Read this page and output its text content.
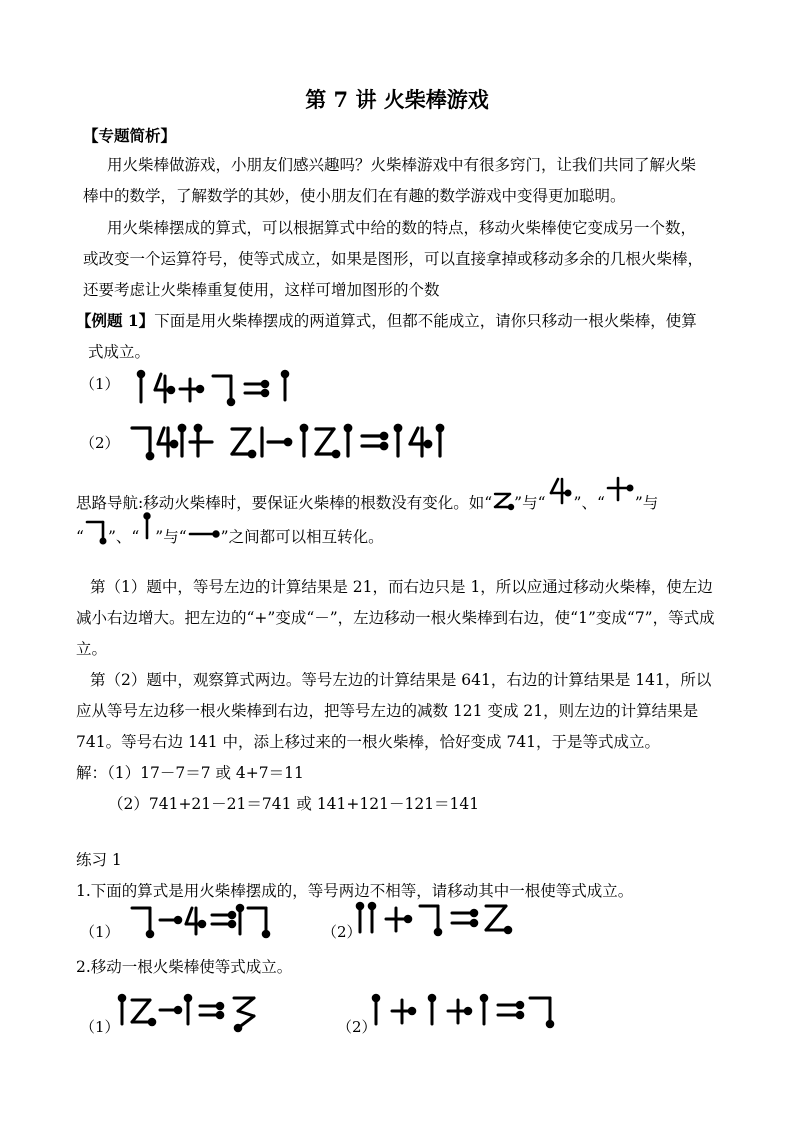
第 7 讲 火柴棒游戏
【专题简析】
用火柴棒做游戏，小朋友们感兴趣吗？火柴棒游戏中有很多窍门，让我们共同了解火柴
棒中的数学，了解数学的其妙，使小朋友们在有趣的数学游戏中变得更加聪明。
用火柴棒摆成的算式，可以根据算式中给的数的特点，移动火柴棒使它变成另一个数，
或改变一个运算符号，使等式成立，如果是图形，可以直接拿掉或移动多余的几根火柴棒，
还要考虑让火柴棒重复使用，这样可增加图形的个数
【例题 1】下面是用火柴棒摆成的两道算式，但都不能成立，请你只移动一根火柴棒，使算
式成立。
（1）
（2）
思路导航:移动火柴棒时，要保证火柴棒的根数没有变化。如“ ”与“ ”、“ ”与
“ ”、“ ”与“ ”之间都可以相互转化。
第（1）题中，等号左边的计算结果是 21，而右边只是 1，所以应通过移动火柴棒，使左边
减小右边增大。把左边的“+”变成“－”，左边移动一根火柴棒到右边，使“1”变成“7”，等式成
立。
第（2）题中，观察算式两边。等号左边的计算结果是 641，右边的计算结果是 141，所以
应从等号左边移一根火柴棒到右边，把等号左边的减数 121 变成 21，则左边的计算结果是
741。等号右边 141 中，添上移过来的一根火柴棒，恰好变成 741，于是等式成立。
解：（1）17－7＝7 或 4+7＝11
（2）741+21－21＝741 或 141+121－121＝141
练习 1
1.下面的算式是用火柴棒摆成的，等号两边不相等，请移动其中一根使等式成立。
（1）	（2）
2.移动一根火柴棒使等式成立。
（1）	（2）
